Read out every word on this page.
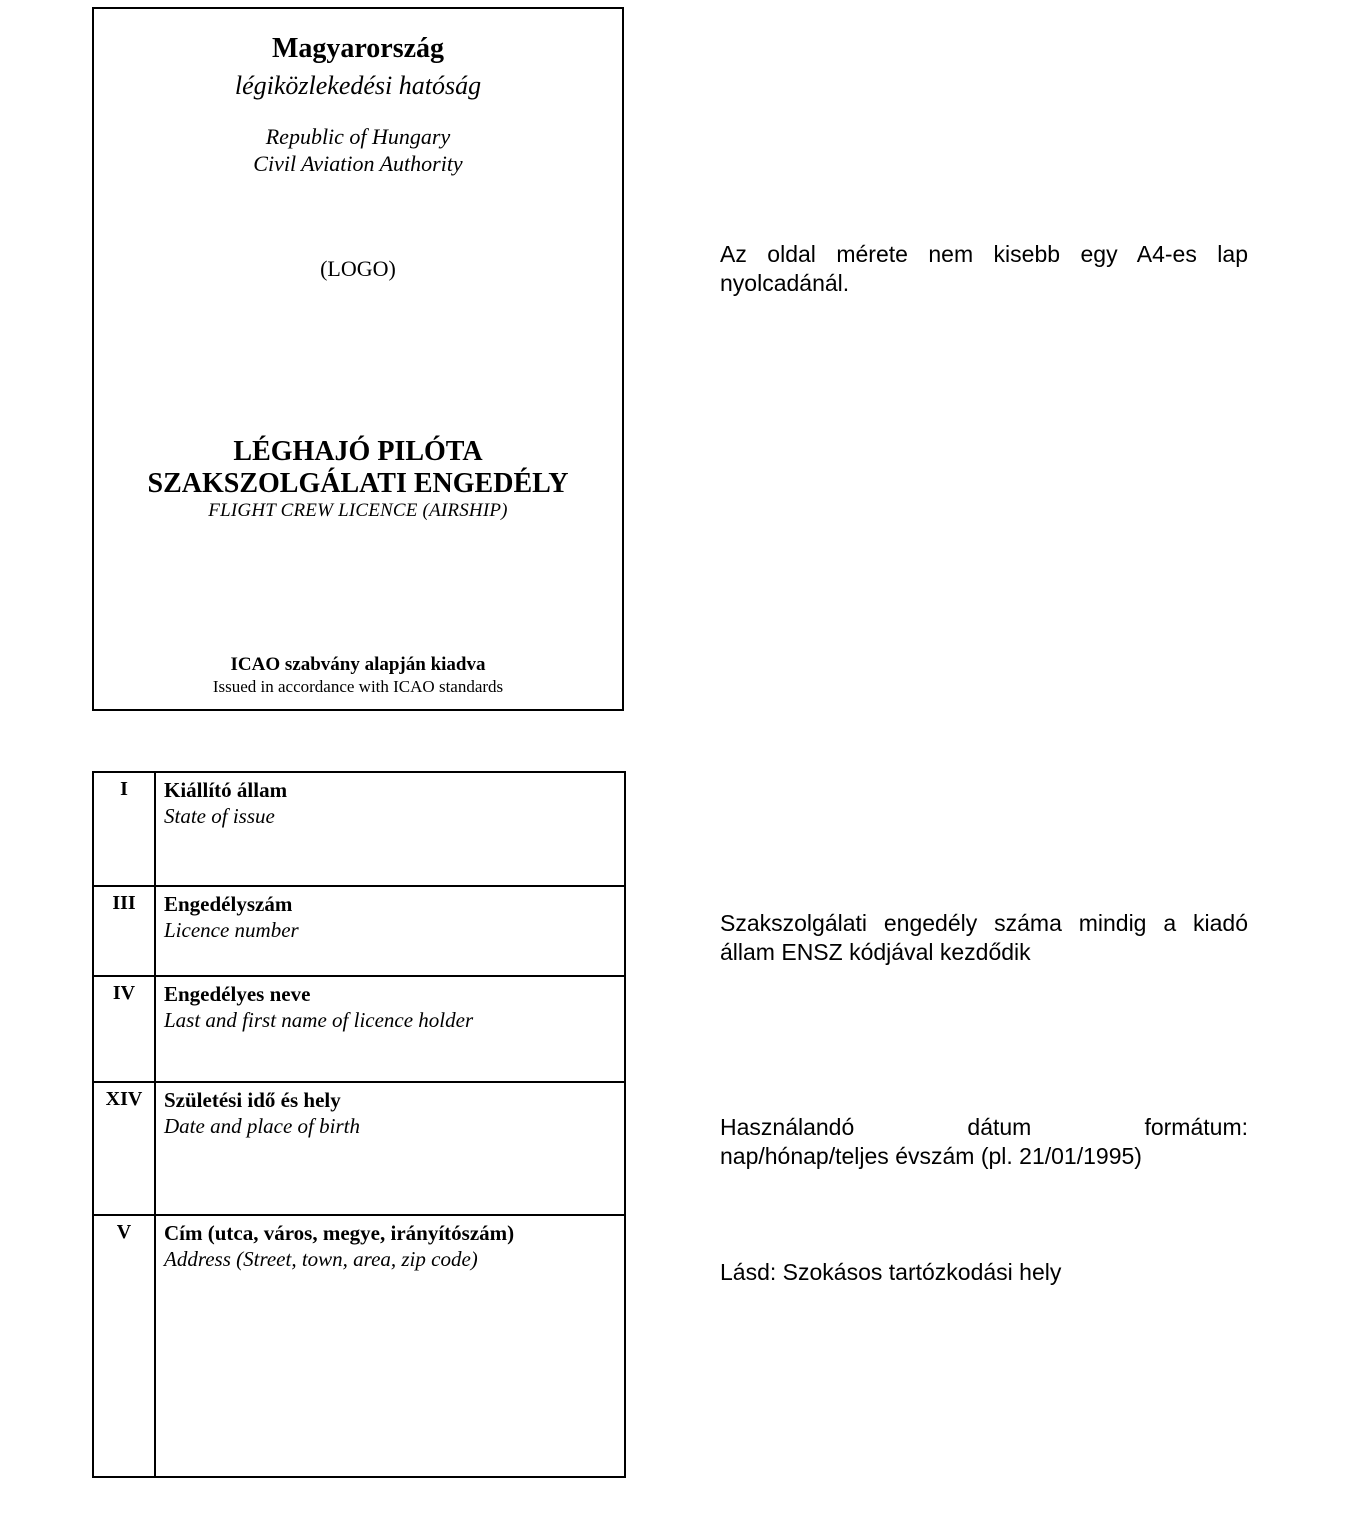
Magyarország
légiközlekedési hatóság
Republic of Hungary
Civil Aviation Authority
(LOGO)
LÉGHAJÓ PILÓTA
SZAKSZOLGÁLATI ENGEDÉLY
FLIGHT CREW LICENCE (AIRSHIP)
ICAO szabvány alapján kiadva
Issued in accordance with ICAO standards
I	Kiállító állam
State of issue

III	Engedélyszám
Licence number

IV	Engedélyes neve
Last and first name of licence holder

XIV	Születési idő és hely
Date and place of birth

V	Cím (utca, város, megye, irányítószám)
Address (Street, town, area, zip code)
Az oldal mérete nem kisebb egy A4-es lap
nyolcadánál.
Szakszolgálati engedély száma mindig a kiadó
állam ENSZ kódjával kezdődik
Használandó dátum formátum:
nap/hónap/teljes évszám (pl. 21/01/1995)
Lásd: Szokásos tartózkodási hely
